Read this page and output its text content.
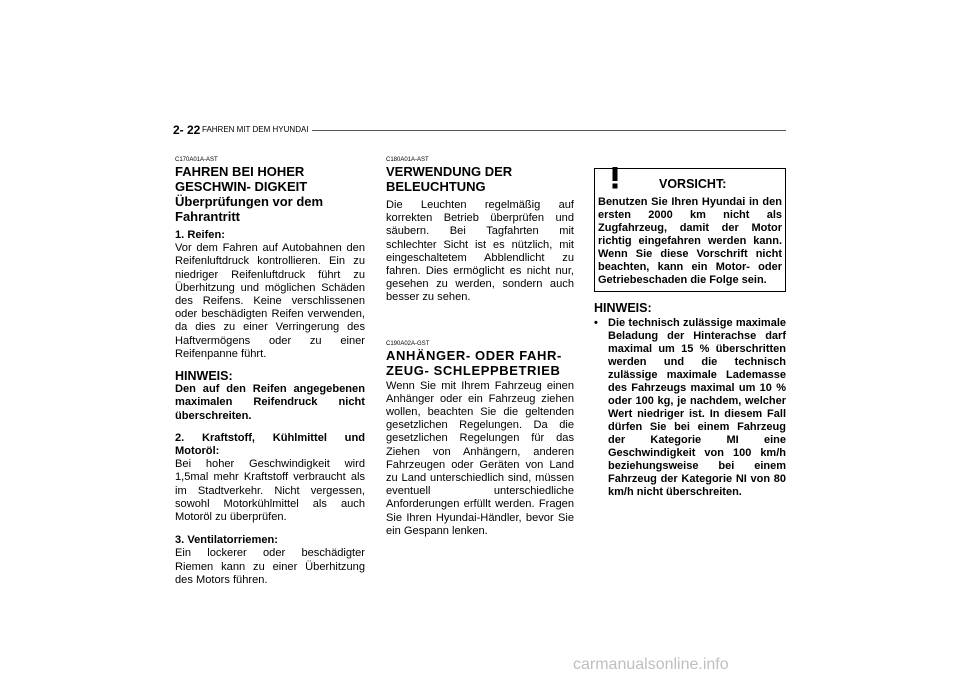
2- 22 FAHREN MIT DEM HYUNDAI

C170A01A-AST

FAHREN BEI HOHER GESCHWIN- DIGKEIT Überprüfungen vor dem Fahrantritt

1. Reifen:

Vor dem Fahren auf Autobahnen den Reifenluftdruck kontrollieren. Ein zu niedriger Reifenluftdruck führt zu Überhitzung und möglichen Schäden des Reifens. Keine verschlissenen oder beschädigten Reifen verwenden, da dies zu einer Verringerung des Haftvermögens oder zu einer Reifenpanne führt.

HINWEIS:

Den auf den Reifen angegebenen maximalen Reifendruck nicht überschreiten.

2. Kraftstoff, Kühlmittel und Motoröl:

Bei hoher Geschwindigkeit wird 1,5mal mehr Kraftstoff verbraucht als im Stadtverkehr. Nicht vergessen, sowohl Motorkühlmittel als auch Motoröl zu überprüfen.

3. Ventilatorriemen:

Ein lockerer oder beschädigter Riemen kann zu einer Überhitzung des Motors führen.

C180A01A-AST

VERWENDUNG DER BELEUCHTUNG

Die Leuchten regelmäßig auf korrekten Betrieb überprüfen und säubern. Bei Tagfahrten mit schlechter Sicht ist es nützlich, mit eingeschaltetem Abblendlicht zu fahren. Dies ermöglicht es nicht nur, gesehen zu werden, sondern auch besser zu sehen.

C190A02A-GST

ANHÄNGER- ODER FAHR- ZEUG- SCHLEPPBETRIEB

Wenn Sie mit Ihrem Fahrzeug einen Anhänger oder ein Fahrzeug ziehen wollen, beachten Sie die geltenden gesetzlichen Regelungen. Da die gesetzlichen Regelungen für das Ziehen von Anhängern, anderen Fahrzeugen oder Geräten von Land zu Land unterschiedlich sind, müssen eventuell unterschiedliche Anforderungen erfüllt werden. Fragen Sie Ihren Hyundai-Händler, bevor Sie ein Gespann lenken.

VORSICHT:

Benutzen Sie Ihren Hyundai in den ersten 2000 km nicht als Zugfahrzeug, damit der Motor richtig eingefahren werden kann. Wenn Sie diese Vorschrift nicht beachten, kann ein Motor- oder Getriebeschaden die Folge sein.

HINWEIS:

• Die technisch zulässige maximale Beladung der Hinterachse darf maximal um 15 % überschritten werden und die technisch zulässige maximale Lademasse des Fahrzeugs maximal um 10 % oder 100 kg, je nachdem, welcher Wert niedriger ist. In diesem Fall dürfen Sie bei einem Fahrzeug der Kategorie MI eine Geschwindigkeit von 100 km/h beziehungsweise bei einem Fahrzeug der Kategorie NI von 80 km/h nicht überschreiten.
carmanualsonline.info
